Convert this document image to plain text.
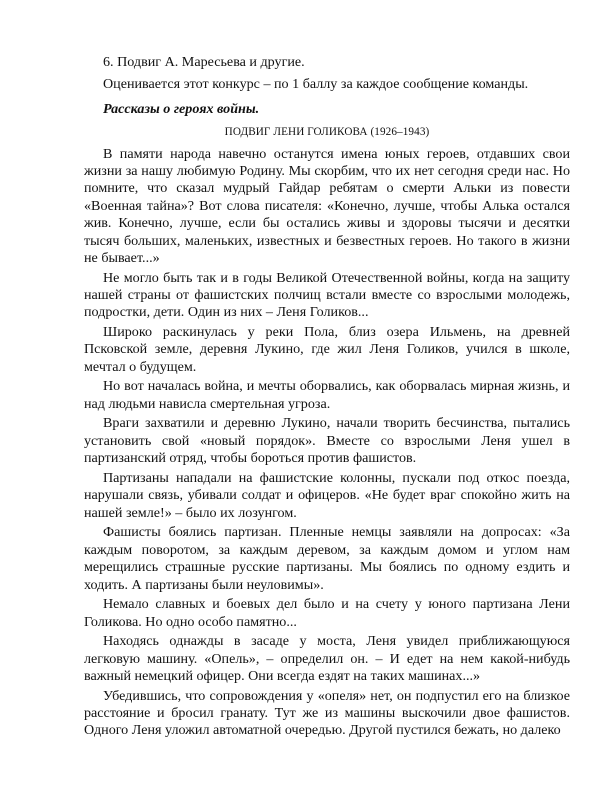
6. Подвиг А. Маресьева и другие.

Оценивается этот конкурс – по 1 баллу за каждое сообщение команды.

Рассказы о героях войны.

ПОДВИГ ЛЕНИ ГОЛИКОВА (1926–1943)

В памяти народа навечно останутся имена юных героев, отдавших свои жизни за нашу любимую Родину. Мы скорбим, что их нет сегодня среди нас. Но помните, что сказал мудрый Гайдар ребятам о смерти Альки из повести «Военная тайна»? Вот слова писателя: «Конечно, лучше, чтобы Алька остался жив. Конечно, лучше, если бы остались живы и здоровы тысячи и десятки тысяч больших, маленьких, известных и безвестных героев. Но такого в жизни не бывает...»

Не могло быть так и в годы Великой Отечественной войны, когда на защиту нашей страны от фашистских полчищ встали вместе со взрослыми молодежь, подростки, дети. Один из них – Леня Голиков...

Широко раскинулась у реки Пола, близ озера Ильмень, на древней Псковской земле, деревня Лукино, где жил Леня Голиков, учился в школе, мечтал о будущем.

Но вот началась война, и мечты оборвались, как оборвалась мирная жизнь, и над людьми нависла смертельная угроза.

Враги захватили и деревню Лукино, начали творить бесчинства, пытались установить свой «новый порядок». Вместе со взрослыми Леня ушел в партизанский отряд, чтобы бороться против фашистов.

Партизаны нападали на фашистские колонны, пускали под откос поезда, нарушали связь, убивали солдат и офицеров. «Не будет враг спокойно жить на нашей земле!» – было их лозунгом.

Фашисты боялись партизан. Пленные немцы заявляли на допросах: «За каждым поворотом, за каждым деревом, за каждым домом и углом нам мерещились страшные русские партизаны. Мы боялись по одному ездить и ходить. А партизаны были неуловимы».

Немало славных и боевых дел было и на счету у юного партизана Лени Голикова. Но одно особо памятно...

Находясь однажды в засаде у моста, Леня увидел приближающуюся легковую машину. «Опель», – определил он. – И едет на нем какой-нибудь важный немецкий офицер. Они всегда ездят на таких машинах...»

Убедившись, что сопровождения у «опеля» нет, он подпустил его на близкое расстояние и бросил гранату. Тут же из машины выскочили двое фашистов. Одного Леня уложил автоматной очередью. Другой пустился бежать, но далеко
